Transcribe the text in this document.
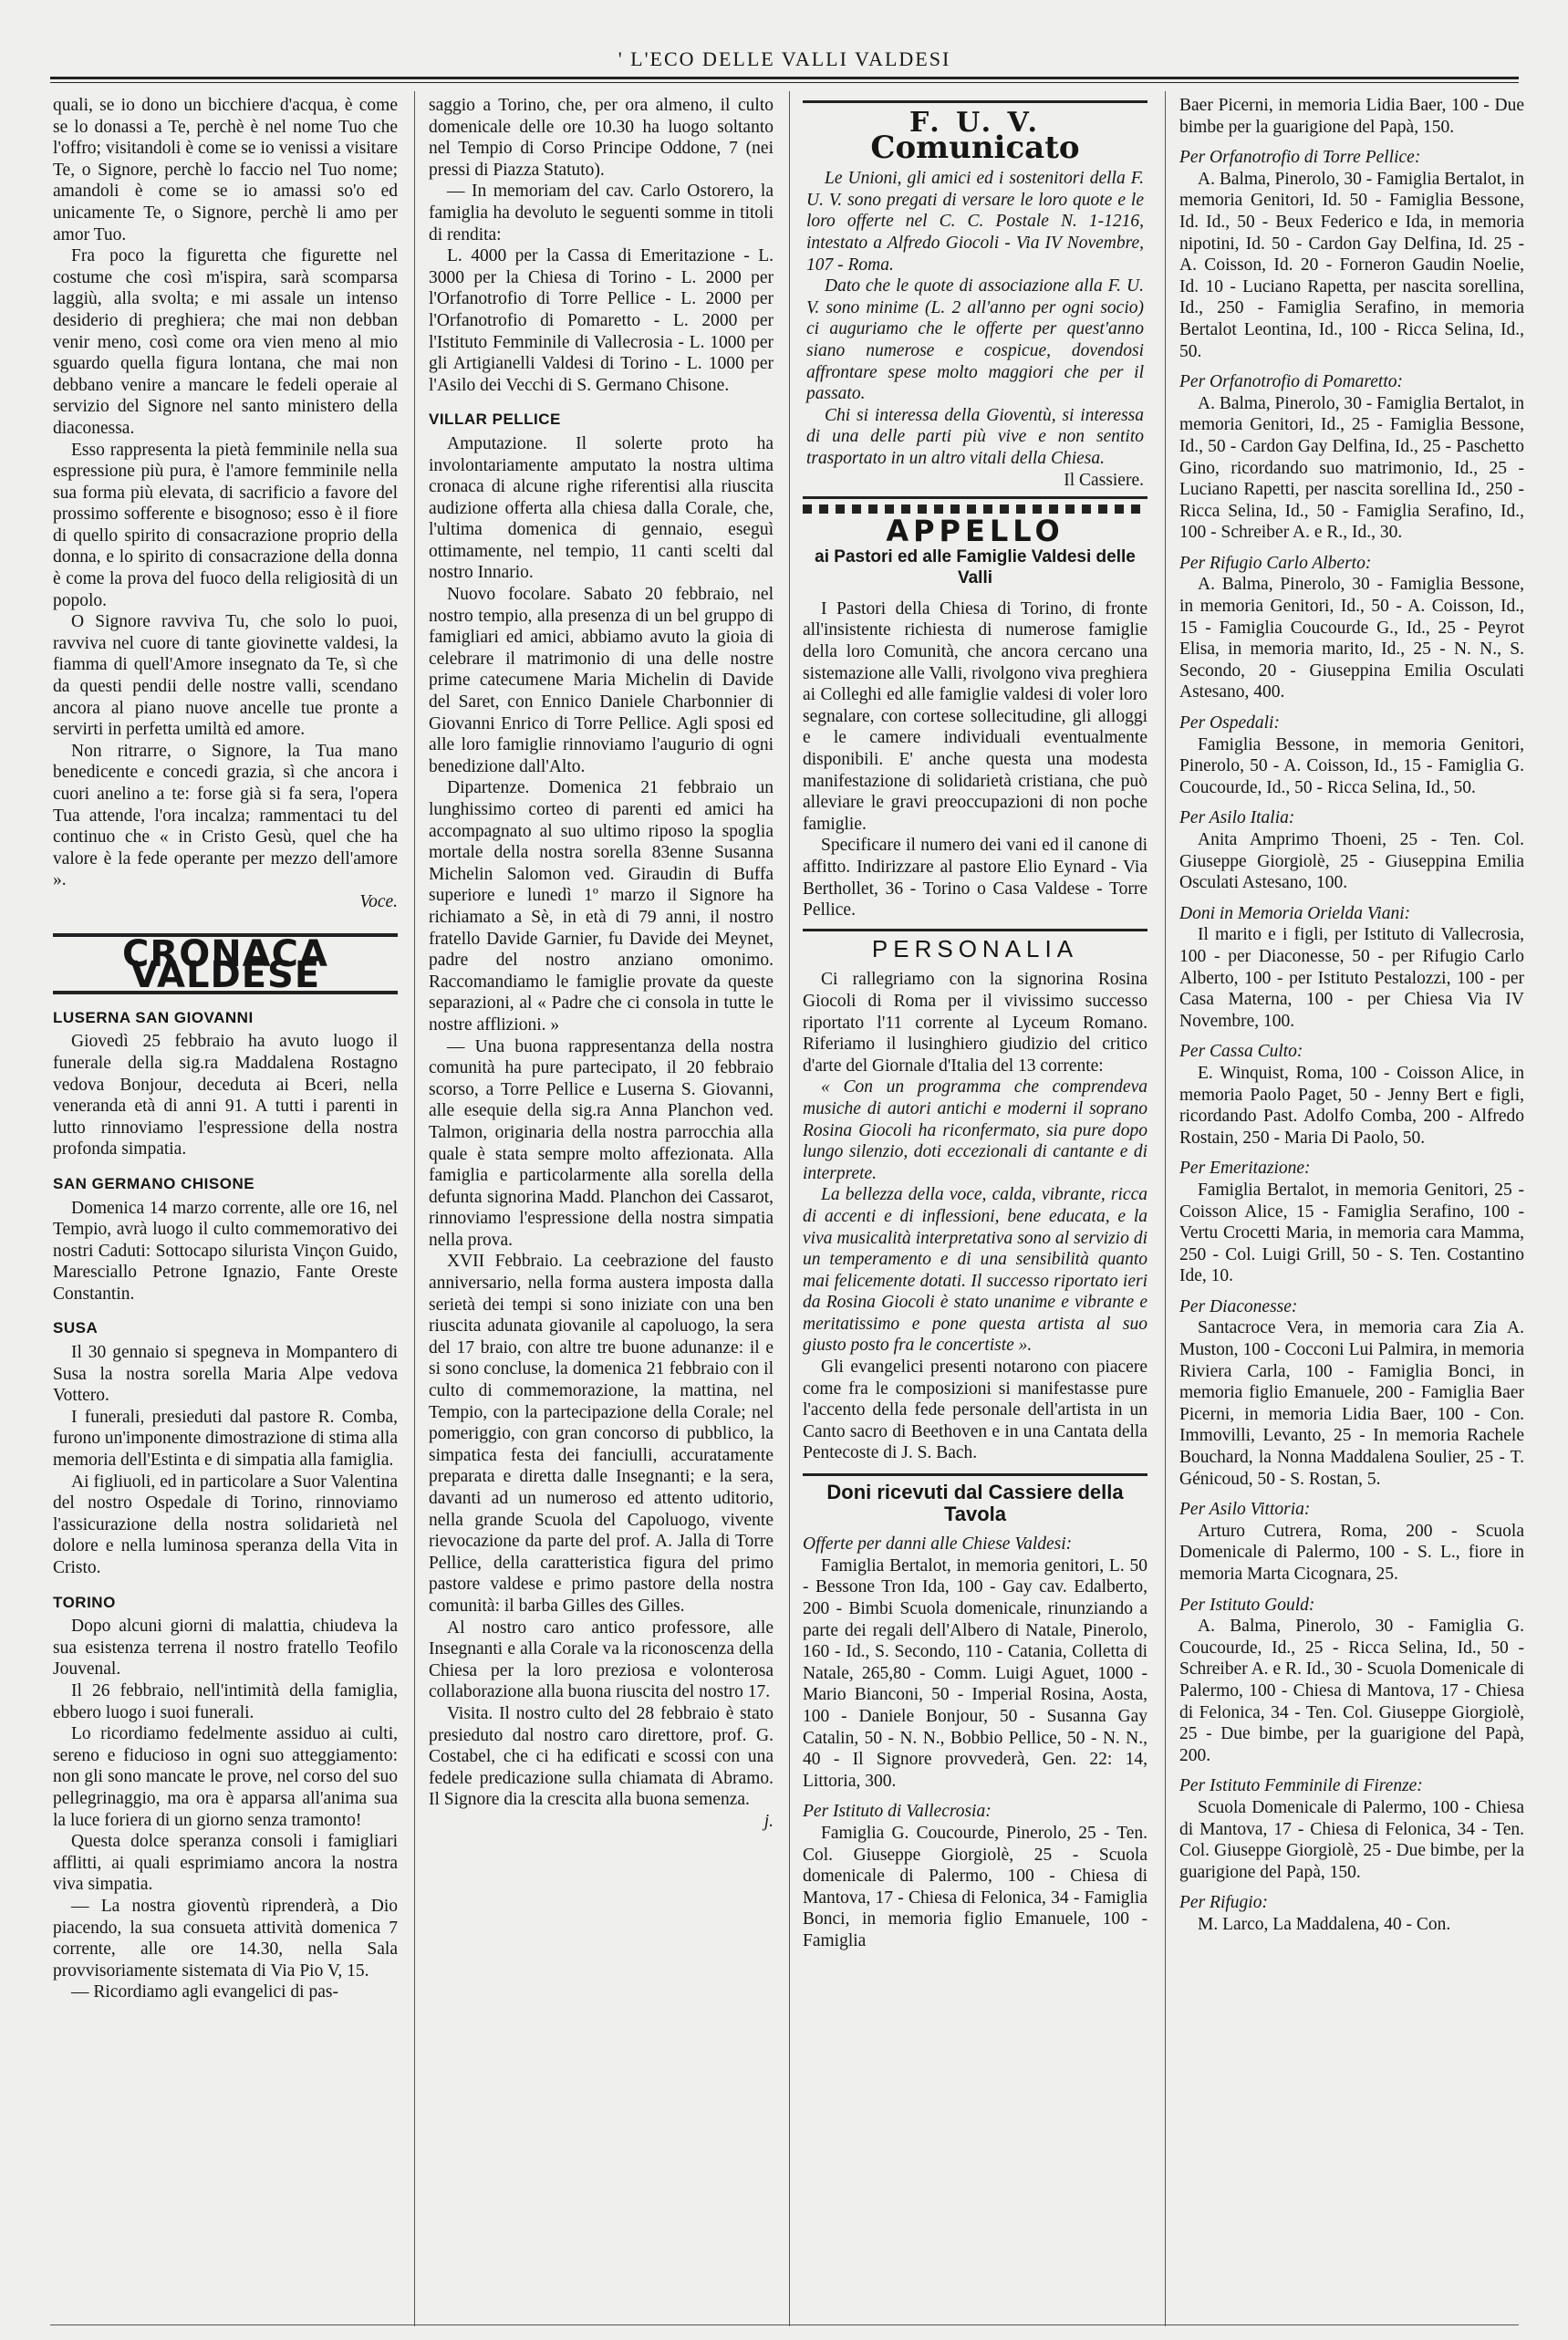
' L'ECO DELLE VALLI VALDESI

quali, se io dono un bicchiere d'acqua, è come se lo donassi a Te, perchè è nel nome Tuo che l'offro; visitandoli è come se io venissi a visitare Te, o Signore, perchè lo faccio nel Tuo nome; amandoli è come se io amassi so'o ed unicamente Te, o Signore, perchè li amo per amor Tuo.

Fra poco la figuretta che figurette nel costume che così m'ispira, sarà scomparsa laggiù, alla svolta; e mi assale un intenso desiderio di preghiera; che mai non debban venir meno, così come ora vien meno al mio sguardo quella figura lontana, che mai non debbano venire a mancare le fedeli operaie al servizio del Signore nel santo ministero della diaconessa.

Esso rappresenta la pietà femminile nella sua espressione più pura, è l'amore femminile nella sua forma più elevata, di sacrificio a favore del prossimo sofferente e bisognoso; esso è il fiore di quello spirito di consacrazione proprio della donna, e lo spirito di consacrazione della donna è come la prova del fuoco della religiosità di un popolo.

O Signore ravviva Tu, che solo lo puoi, ravviva nel cuore di tante giovinette valdesi, la fiamma di quell'Amore insegnato da Te, sì che da questi pendii delle nostre valli, scendano ancora al piano nuove ancelle tue pronte a servirti in perfetta umiltà ed amore.

Non ritrarre, o Signore, la Tua mano benedicente e concedi grazia, sì che ancora i cuori anelino a te: forse già si fa sera, l'opera Tua attende, l'ora incalza; rammentaci tu del continuo che « in Cristo Gesù, quel che ha valore è la fede operante per mezzo dell'amore ».

Voce.
CRONACA VALDESE
LUSERNA SAN GIOVANNI

Giovedì 25 febbraio ha avuto luogo il funerale della sig.ra Maddalena Rostagno vedova Bonjour, deceduta ai Bceri, nella veneranda età di anni 91. A tutti i parenti in lutto rinnoviamo l'espressione della nostra profonda simpatia.

SAN GERMANO CHISONE

Domenica 14 marzo corrente, alle ore 16, nel Tempio, avrà luogo il culto commemorativo dei nostri Caduti: Sottocapo silurista Vinçon Guido, Maresciallo Petrone Ignazio, Fante Oreste Constantin.

SUSA

Il 30 gennaio si spegneva in Mompantero di Susa la nostra sorella Maria Alpe vedova Vottero.

I funerali, presieduti dal pastore R. Comba, furono un'imponente dimostrazione di stima alla memoria dell'Estinta e di simpatia alla famiglia.

Ai figliuoli, ed in particolare a Suor Valentina del nostro Ospedale di Torino, rinnoviamo l'assicurazione della nostra solidarietà nel dolore e nella luminosa speranza della Vita in Cristo.

TORINO

Dopo alcuni giorni di malattia, chiudeva la sua esistenza terrena il nostro fratello Teofilo Jouvenal.

Il 26 febbraio, nell'intimità della famiglia, ebbero luogo i suoi funerali.

Lo ricordiamo fedelmente assiduo ai culti, sereno e fiducioso in ogni suo atteggiamento: non gli sono mancate le prove, nel corso del suo pellegrinaggio, ma ora è apparsa all'anima sua la luce foriera di un giorno senza tramonto!

Questa dolce speranza consoli i famigliari afflitti, ai quali esprimiamo ancora la nostra viva simpatia.

— La nostra gioventù riprenderà, a Dio piacendo, la sua consueta attività domenica 7 corrente, alle ore 14.30, nella Sala provvisoriamente sistemata di Via Pio V, 15.

— Ricordiamo agli evangelici di pas-

saggio a Torino, che, per ora almeno, il culto domenicale delle ore 10.30 ha luogo soltanto nel Tempio di Corso Principe Oddone, 7 (nei pressi di Piazza Statuto).

— In memoriam del cav. Carlo Ostorero, la famiglia ha devoluto le seguenti somme in titoli di rendita:

L. 4000 per la Cassa di Emeritazione - L. 3000 per la Chiesa di Torino - L. 2000 per l'Orfanotrofio di Torre Pellice - L. 2000 per l'Orfanotrofio di Pomaretto - L. 2000 per l'Istituto Femminile di Vallecrosia - L. 1000 per gli Artigianelli Valdesi di Torino - L. 1000 per l'Asilo dei Vecchi di S. Germano Chisone.

VILLAR PELLICE

Amputazione. Il solerte proto ha involontariamente amputato la nostra ultima cronaca di alcune righe riferentisi alla riuscita audizione offerta alla chiesa dalla Corale, che, l'ultima domenica di gennaio, eseguì ottimamente, nel tempio, 11 canti scelti dal nostro Innario.

Nuovo focolare. Sabato 20 febbraio, nel nostro tempio, alla presenza di un bel gruppo di famigliari ed amici, abbiamo avuto la gioia di celebrare il matrimonio di una delle nostre prime catecumene Maria Michelin di Davide del Saret, con Ennico Daniele Charbonnier di Giovanni Enrico di Torre Pellice. Agli sposi ed alle loro famiglie rinnoviamo l'augurio di ogni benedizione dall'Alto.

Dipartenze. Domenica 21 febbraio un lunghissimo corteo di parenti ed amici ha accompagnato al suo ultimo riposo la spoglia mortale della nostra sorella 83enne Susanna Michelin Salomon ved. Giraudin di Buffa superiore e lunedì 1º marzo il Signore ha richiamato a Sè, in età di 79 anni, il nostro fratello Davide Garnier, fu Davide dei Meynet, padre del nostro anziano omonimo. Raccomandiamo le famiglie provate da queste separazioni, al « Padre che ci consola in tutte le nostre afflizioni. »

— Una buona rappresentanza della nostra comunità ha pure partecipato, il 20 febbraio scorso, a Torre Pellice e Luserna S. Giovanni, alle esequie della sig.ra Anna Planchon ved. Talmon, originaria della nostra parrocchia alla quale è stata sempre molto affezionata. Alla famiglia e particolarmente alla sorella della defunta signorina Madd. Planchon dei Cassarot, rinnoviamo l'espressione della nostra simpatia nella prova.

XVII Febbraio. La ceebrazione del fausto anniversario, nella forma austera imposta dalla serietà dei tempi si sono iniziate con una ben riuscita adunata giovanile al capoluogo, la sera del 17 braio, con altre tre buone adunanze: il e si sono concluse, la domenica 21 febbraio con il culto di commemorazione, la mattina, nel Tempio, con la partecipazione della Corale; nel pomeriggio, con gran concorso di pubblico, la simpatica festa dei fanciulli, accuratamente preparata e diretta dalle Insegnanti; e la sera, davanti ad un numeroso ed attento uditorio, nella grande Scuola del Capoluogo, vivente rievocazione da parte del prof. A. Jalla di Torre Pellice, della caratteristica figura del primo pastore valdese e primo pastore della nostra comunità: il barba Gilles des Gilles.

Al nostro caro antico professore, alle Insegnanti e alla Corale va la riconoscenza della Chiesa per la loro preziosa e volonterosa collaborazione alla buona riuscita del nostro 17.

Visita. Il nostro culto del 28 febbraio è stato presieduto dal nostro caro direttore, prof. G. Costabel, che ci ha edificati e scossi con una fedele predicazione sulla chiamata di Abramo. Il Signore dia la crescita alla buona semenza.

j.
F. U. V.
Comunicato

Le Unioni, gli amici ed i sostenitori della F. U. V. sono pregati di versare le loro quote e le loro offerte nel C. C. Postale N. 1-1216, intestato a Alfredo Giocoli - Via IV Novembre, 107 - Roma.

Dato che le quote di associazione alla F. U. V. sono minime (L. 2 all'anno per ogni socio) ci auguriamo che le offerte per quest'anno siano numerose e cospicue, dovendosi affrontare spese molto maggiori che per il passato.

Chi si interessa della Gioventù, si interessa di una delle parti più vive e non sentito trasportato in un altro vitali della Chiesa.

Il Cassiere.
APPELLO
ai Pastori ed alle Famiglie Valdesi delle Valli

I Pastori della Chiesa di Torino, di fronte all'insistente richiesta di numerose famiglie della loro Comunità, che ancora cercano una sistemazione alle Valli, rivolgono viva preghiera ai Colleghi ed alle famiglie valdesi di voler loro segnalare, con cortese sollecitudine, gli alloggi e le camere individuali eventualmente disponibili. E' anche questa una modesta manifestazione di solidarietà cristiana, che può alleviare le gravi preoccupazioni di non poche famiglie.

Specificare il numero dei vani ed il canone di affitto. Indirizzare al pastore Elio Eynard - Via Berthollet, 36 - Torino o Casa Valdese - Torre Pellice.

PERSONALIA

Ci rallegriamo con la signorina Rosina Giocoli di Roma per il vivissimo successo riportato l'11 corrente al Lyceum Romano. Riferiamo il lusinghiero giudizio del critico d'arte del Giornale d'Italia del 13 corrente:

« Con un programma che comprendeva musiche di autori antichi e moderni il soprano Rosina Giocoli ha riconfermato, sia pure dopo lungo silenzio, doti eccezionali di cantante e di interprete.

La bellezza della voce, calda, vibrante, ricca di accenti e di inflessioni, bene educata, e la viva musicalità interpretativa sono al servizio di un temperamento e di una sensibilità quanto mai felicemente dotati. Il successo riportato ieri da Rosina Giocoli è stato unanime e vibrante e meritatissimo e pone questa artista al suo giusto posto fra le concertiste ».

Gli evangelici presenti notarono con piacere come fra le composizioni si manifestasse pure l'accento della fede personale dell'artista in un Canto sacro di Beethoven e in una Cantata della Pentecoste di J. S. Bach.

Doni ricevuti dal Cassiere della Tavola

Offerte per danni alle Chiese Valdesi:

Famiglia Bertalot, in memoria genitori, L. 50 - Bessone Tron Ida, 100 - Gay cav. Edalberto, 200 - Bimbi Scuola domenicale, rinunziando a parte dei regali dell'Albero di Natale, Pinerolo, 160 - Id., S. Secondo, 110 - Catania, Colletta di Natale, 265,80 - Comm. Luigi Aguet, 1000 - Mario Bianconi, 50 - Imperial Rosina, Aosta, 100 - Daniele Bonjour, 50 - Susanna Gay Catalin, 50 - N. N., Bobbio Pellice, 50 - N. N., 40 - Il Signore provvederà, Gen. 22: 14, Littoria, 300.

Per Istituto di Vallecrosia:

Famiglia G. Coucourde, Pinerolo, 25 - Ten. Col. Giuseppe Giorgiolè, 25 - Scuola domenicale di Palermo, 100 - Chiesa di Mantova, 17 - Chiesa di Felonica, 34 - Famiglia Bonci, in memoria figlio Emanuele, 100 - Famiglia

Baer Picerni, in memoria Lidia Baer, 100 - Due bimbe per la guarigione del Papà, 150.

Per Orfanotrofio di Torre Pellice:

A. Balma, Pinerolo, 30 - Famiglia Bertalot, in memoria Genitori, Id. 50 - Famiglia Bessone, Id. Id., 50 - Beux Federico e Ida, in memoria nipotini, Id. 50 - Cardon Gay Delfina, Id. 25 - A. Coisson, Id. 20 - Forneron Gaudin Noelie, Id. 10 - Luciano Rapetta, per nascita sorellina, Id., 250 - Famiglia Serafino, in memoria Bertalot Leontina, Id., 100 - Ricca Selina, Id., 50.

Per Orfanotrofio di Pomaretto:

A. Balma, Pinerolo, 30 - Famiglia Bertalot, in memoria Genitori, Id., 25 - Famiglia Bessone, Id., 50 - Cardon Gay Delfina, Id., 25 - Paschetto Gino, ricordando suo matrimonio, Id., 25 - Luciano Rapetti, per nascita sorellina Id., 250 - Ricca Selina, Id., 50 - Famiglia Serafino, Id., 100 - Schreiber A. e R., Id., 30.

Per Rifugio Carlo Alberto:

A. Balma, Pinerolo, 30 - Famiglia Bessone, in memoria Genitori, Id., 50 - A. Coisson, Id., 15 - Famiglia Coucourde G., Id., 25 - Peyrot Elisa, in memoria marito, Id., 25 - N. N., S. Secondo, 20 - Giuseppina Emilia Osculati Astesano, 400.

Per Ospedali:

Famiglia Bessone, in memoria Genitori, Pinerolo, 50 - A. Coisson, Id., 15 - Famiglia G. Coucourde, Id., 50 - Ricca Selina, Id., 50.

Per Asilo Italia:

Anita Amprimo Thoeni, 25 - Ten. Col. Giuseppe Giorgiolè, 25 - Giuseppina Emilia Osculati Astesano, 100.

Doni in Memoria Orielda Viani:

Il marito e i figli, per Istituto di Vallecrosia, 100 - per Diaconesse, 50 - per Rifugio Carlo Alberto, 100 - per Istituto Pestalozzi, 100 - per Casa Materna, 100 - per Chiesa Via IV Novembre, 100.

Per Cassa Culto:

E. Winquist, Roma, 100 - Coisson Alice, in memoria Paolo Paget, 50 - Jenny Bert e figli, ricordando Past. Adolfo Comba, 200 - Alfredo Rostain, 250 - Maria Di Paolo, 50.

Per Emeritazione:

Famiglia Bertalot, in memoria Genitori, 25 - Coisson Alice, 15 - Famiglia Serafino, 100 - Vertu Crocetti Maria, in memoria cara Mamma, 250 - Col. Luigi Grill, 50 - S. Ten. Costantino Ide, 10.

Per Diaconesse:

Santacroce Vera, in memoria cara Zia A. Muston, 100 - Cocconi Lui Palmira, in memoria Riviera Carla, 100 - Famiglia Bonci, in memoria figlio Emanuele, 200 - Famiglia Baer Picerni, in memoria Lidia Baer, 100 - Con. Immovilli, Levanto, 25 - In memoria Rachele Bouchard, la Nonna Maddalena Soulier, 25 - T. Génicoud, 50 - S. Rostan, 5.

Per Asilo Vittoria:

Arturo Cutrera, Roma, 200 - Scuola Domenicale di Palermo, 100 - S. L., fiore in memoria Marta Cicognara, 25.

Per Istituto Gould:

A. Balma, Pinerolo, 30 - Famiglia G. Coucourde, Id., 25 - Ricca Selina, Id., 50 - Schreiber A. e R. Id., 30 - Scuola Domenicale di Palermo, 100 - Chiesa di Mantova, 17 - Chiesa di Felonica, 34 - Ten. Col. Giuseppe Giorgiolè, 25 - Due bimbe, per la guarigione del Papà, 200.

Per Istituto Femminile di Firenze:

Scuola Domenicale di Palermo, 100 - Chiesa di Mantova, 17 - Chiesa di Felonica, 34 - Ten. Col. Giuseppe Giorgiolè, 25 - Due bimbe, per la guarigione del Papà, 150.

Per Rifugio:

M. Larco, La Maddalena, 40 - Con.
